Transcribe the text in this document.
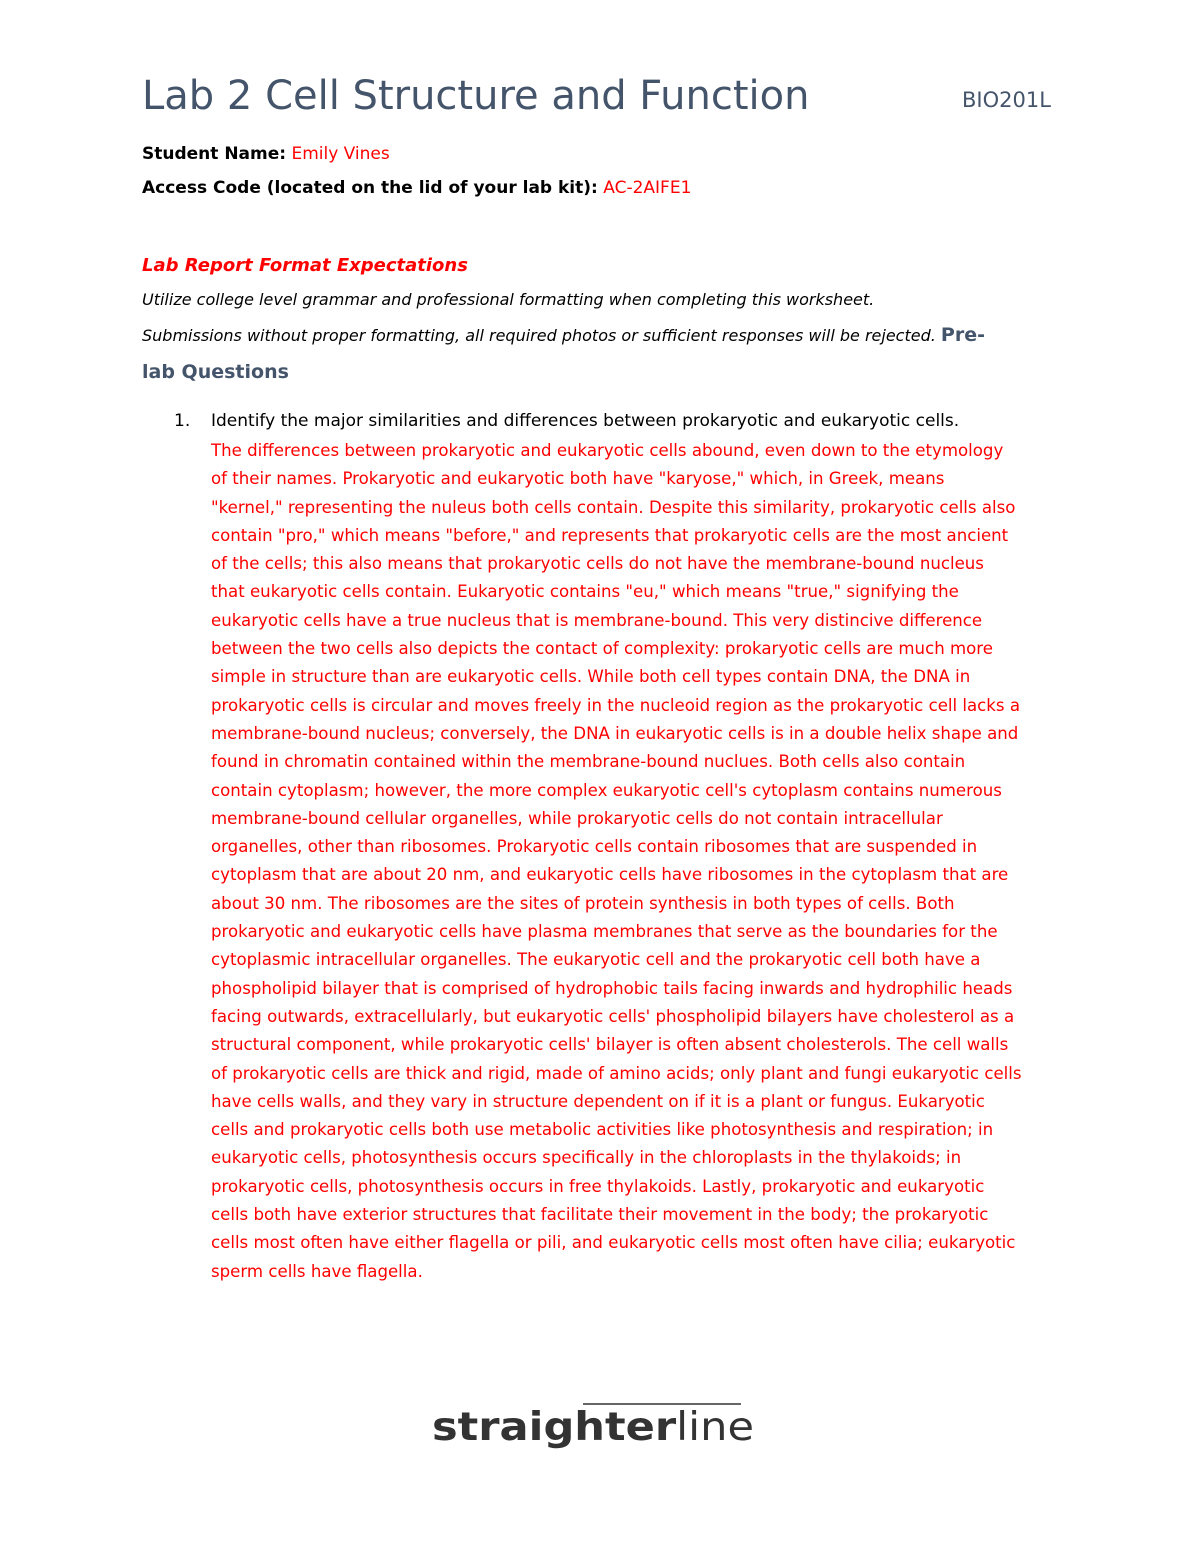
Lab 2 Cell Structure and Function	BIO201L
Student Name: Emily Vines
Access Code (located on the lid of your lab kit): AC-2AIFE1
Lab Report Format Expectations
Utilize college level grammar and professional formatting when completing this worksheet.
Submissions without proper formatting, all required photos or sufficient responses will be rejected. Pre-
lab Questions
1. Identify the major similarities and differences between prokaryotic and eukaryotic cells.
The differences between prokaryotic and eukaryotic cells abound, even down to the etymology
of their names. Prokaryotic and eukaryotic both have "karyose," which, in Greek, means
"kernel," representing the nuleus both cells contain. Despite this similarity, prokaryotic cells also
contain "pro," which means "before," and represents that prokaryotic cells are the most ancient
of the cells; this also means that prokaryotic cells do not have the membrane-bound nucleus
that eukaryotic cells contain. Eukaryotic contains "eu," which means "true," signifying the
eukaryotic cells have a true nucleus that is membrane-bound. This very distincive difference
between the two cells also depicts the contact of complexity: prokaryotic cells are much more
simple in structure than are eukaryotic cells. While both cell types contain DNA, the DNA in
prokaryotic cells is circular and moves freely in the nucleoid region as the prokaryotic cell lacks a
membrane-bound nucleus; conversely, the DNA in eukaryotic cells is in a double helix shape and
found in chromatin contained within the membrane-bound nuclues. Both cells also contain
contain cytoplasm; however, the more complex eukaryotic cell's cytoplasm contains numerous
membrane-bound cellular organelles, while prokaryotic cells do not contain intracellular
organelles, other than ribosomes. Prokaryotic cells contain ribosomes that are suspended in
cytoplasm that are about 20 nm, and eukaryotic cells have ribosomes in the cytoplasm that are
about 30 nm. The ribosomes are the sites of protein synthesis in both types of cells. Both
prokaryotic and eukaryotic cells have plasma membranes that serve as the boundaries for the
cytoplasmic intracellular organelles. The eukaryotic cell and the prokaryotic cell both have a
phospholipid bilayer that is comprised of hydrophobic tails facing inwards and hydrophilic heads
facing outwards, extracellularly, but eukaryotic cells' phospholipid bilayers have cholesterol as a
structural component, while prokaryotic cells' bilayer is often absent cholesterols. The cell walls
of prokaryotic cells are thick and rigid, made of amino acids; only plant and fungi eukaryotic cells
have cells walls, and they vary in structure dependent on if it is a plant or fungus. Eukaryotic
cells and prokaryotic cells both use metabolic activities like photosynthesis and respiration; in
eukaryotic cells, photosynthesis occurs specifically in the chloroplasts in the thylakoids; in
prokaryotic cells, photosynthesis occurs in free thylakoids. Lastly, prokaryotic and eukaryotic
cells both have exterior structures that facilitate their movement in the body; the prokaryotic
cells most often have either flagella or pili, and eukaryotic cells most often have cilia; eukaryotic
sperm cells have flagella.
straighter line
